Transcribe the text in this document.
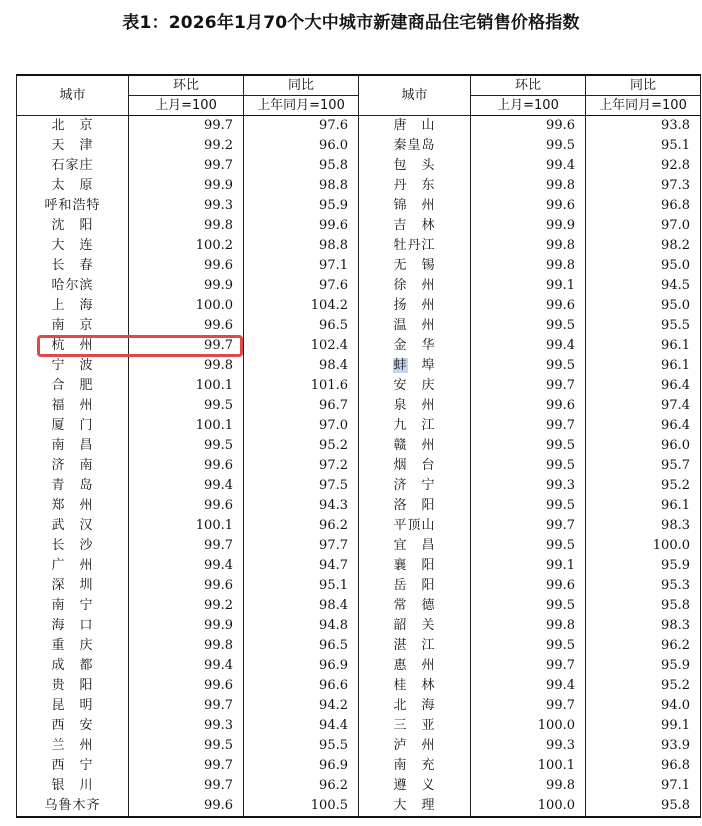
表1：2026年1月70个大中城市新建商品住宅销售价格指数
城市	环比	同比	城市	环比	同比
	上月=100	上年同月=100		上月=100	上年同月=100
北　京	99.7	97.6	唐　山	99.6	93.8
天　津	99.2	96.0	秦皇岛	99.5	95.1
石家庄	99.7	95.8	包　头	99.4	92.8
太　原	99.9	98.8	丹　东	99.8	97.3
呼和浩特	99.3	95.9	锦　州	99.6	96.8
沈　阳	99.8	99.6	吉　林	99.9	97.0
大　连	100.2	98.8	牡丹江	99.8	98.2
长　春	99.6	97.1	无　锡	99.8	95.0
哈尔滨	99.9	97.6	徐　州	99.1	94.5
上　海	100.0	104.2	扬　州	99.6	95.0
南　京	99.6	96.5	温　州	99.5	95.5
杭　州	99.7	102.4	金　华	99.4	96.1
宁　波	99.8	98.4	蚌　埠	99.5	96.1
合　肥	100.1	101.6	安　庆	99.7	96.4
福　州	99.5	96.7	泉　州	99.6	97.4
厦　门	100.1	97.0	九　江	99.7	96.4
南　昌	99.5	95.2	赣　州	99.5	96.0
济　南	99.6	97.2	烟　台	99.5	95.7
青　岛	99.4	97.5	济　宁	99.3	95.2
郑　州	99.6	94.3	洛　阳	99.5	96.1
武　汉	100.1	96.2	平顶山	99.7	98.3
长　沙	99.7	97.7	宜　昌	99.5	100.0
广　州	99.4	94.7	襄　阳	99.1	95.9
深　圳	99.6	95.1	岳　阳	99.6	95.3
南　宁	99.2	98.4	常　德	99.5	95.8
海　口	99.9	94.8	韶　关	99.8	98.3
重　庆	99.8	96.5	湛　江	99.5	96.2
成　都	99.4	96.9	惠　州	99.7	95.9
贵　阳	99.6	96.6	桂　林	99.4	95.2
昆　明	99.7	94.2	北　海	99.7	94.0
西　安	99.3	94.4	三　亚	100.0	99.1
兰　州	99.5	95.5	泸　州	99.3	93.9
西　宁	99.7	96.9	南　充	100.1	96.8
银　川	99.7	96.2	遵　义	99.8	97.1
乌鲁木齐	99.6	100.5	大　理	100.0	95.8
